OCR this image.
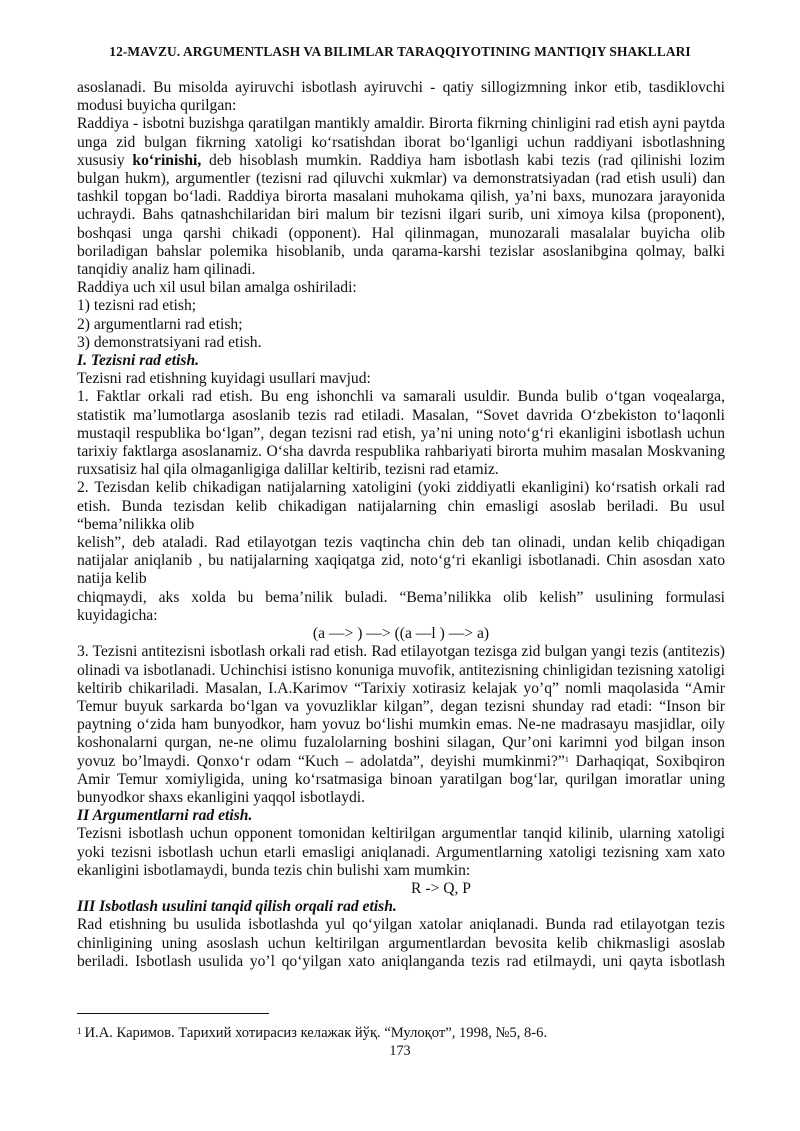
12-MAVZU. ARGUMENTLASH VA BILIMLAR TARAQQIYOTINING MANTIQIY SHAKLLARI

asoslanadi. Bu misolda ayiruvchi isbotlash ayiruvchi - qatiy sillogizmning inkor etib, tasdiklovchi modusi buyicha qurilgan:

Raddiya - isbotni buzishga qaratilgan mantikly amaldir. Birorta fikrning chinligini rad etish ayni paytda unga zid bulgan fikrning xatoligi ko‘rsatishdan iborat bo‘lganligi uchun raddiyani isbotlashning xususiy ko‘rinishi, deb hisoblash mumkin. Raddiya ham isbotlash kabi tezis (rad qilinishi lozim bulgan hukm), argumentler (tezisni rad qiluvchi xukmlar) va demonstratsiyadan (rad etish usuli) dan tashkil topgan bo‘ladi. Raddiya birorta masalani muhokama qilish, ya’ni baxs, munozara jarayonida uchraydi. Bahs qatnashchilaridan biri malum bir tezisni ilgari surib, uni ximoya kilsa (proponent), boshqasi unga qarshi chikadi (opponent). Hal qilinmagan, munozarali masalalar buyicha olib boriladigan bahslar polemika hisoblanib, unda qarama-karshi tezislar asoslanibgina qolmay, balki tanqidiy analiz ham qilinadi.

Raddiya uch xil usul bilan amalga oshiriladi:

1) tezisni rad etish;

2) argumentlarni rad etish;

3) demonstratsiyani rad etish.

I. Tezisni rad etish.

Tezisni rad etishning kuyidagi usullari mavjud:

1. Faktlar orkali rad etish. Bu eng ishonchli va samarali usuldir. Bunda bulib o‘tgan voqealarga, statistik ma’lumotlarga asoslanib tezis rad etiladi. Masalan, “Sovet davrida O‘zbekiston to‘laqonli mustaqil respublika bo‘lgan”, degan tezisni rad etish, ya’ni uning noto‘g‘ri ekanligini isbotlash uchun tarixiy faktlarga asoslanamiz. O‘sha davrda respublika rahbariyati birorta muhim masalan Moskvaning ruxsatisiz hal qila olmaganligiga dalillar keltirib, tezisni rad etamiz.

2. Tezisdan kelib chikadigan natijalarning xatoligini (yoki ziddiyatli ekanligini) ko‘rsatish orkali rad etish. Bunda tezisdan kelib chikadigan natijalarning chin emasligi asoslab beriladi. Bu usul “bema’nilikka olib

kelish”, deb ataladi. Rad etilayotgan tezis vaqtincha chin deb tan olinadi, undan kelib chiqadigan natijalar aniqlanib , bu natijalarning xaqiqatga zid, noto‘g‘ri ekanligi isbotlanadi. Chin asosdan xato natija kelib

chiqmaydi, aks xolda bu bema’nilik buladi. “Bema’nilikka olib kelish” usulining formulasi kuyidagicha:

(a —> ) —> ((a —l ) —> a)

3. Tezisni antitezisni isbotlash orkali rad etish. Rad etilayotgan tezisga zid bulgan yangi tezis (antitezis) olinadi va isbotlanadi. Uchinchisi istisno konuniga muvofik, antitezisning chinligidan tezisning xatoligi keltirib chikariladi. Masalan, I.A.Karimov “Tarixiy xotirasiz kelajak yo’q” nomli maqolasida “Amir Temur buyuk sarkarda bo‘lgan va yovuzliklar kilgan”, degan tezisni shunday rad etadi: “Inson bir paytning o‘zida ham bunyodkor, ham yovuz bo‘lishi mumkin emas. Ne-ne madrasayu masjidlar, oily koshonalarni qurgan, ne-ne olimu fuzalolarning boshini silagan, Qur’oni karimni yod bilgan inson yovuz bo’lmaydi. Qonxo‘r odam “Kuch – adolatda”, deyishi mumkinmi?”$^1$ Darhaqiqat, Soxibqiron Amir Temur xomiyligida, uning ko‘rsatmasiga binoan yaratilgan bog‘lar, qurilgan imoratlar uning bunyodkor shaxs ekanligini yaqqol isbotlaydi.

II Argumentlarni rad etish.

Tezisni isbotlash uchun opponent tomonidan keltirilgan argumentlar tanqid kilinib, ularning xatoligi yoki tezisni isbotlash uchun etarli emasligi aniqlanadi. Argumentlarning xatoligi tezisning xam xato ekanligini isbotlamaydi, bunda tezis chin bulishi xam mumkin:

R -> Q, P

III Isbotlash usulini tanqid qilish orqali rad etish.

Rad etishning bu usulida isbotlashda yul qo‘yilgan xatolar aniqlanadi. Bunda rad etilayotgan tezis chinligining uning asoslash uchun keltirilgan argumentlardan bevosita kelib chikmasligi asoslab beriladi. Isbotlash usulida yo’l qo‘yilgan xato aniqlanganda tezis rad etilmaydi, uni qayta isbotlash

$^1$ И.А. Каримов. Тарихий хотирасиз келажак йўқ. “Мулоқот”, 1998, №5, 8-6.
173
